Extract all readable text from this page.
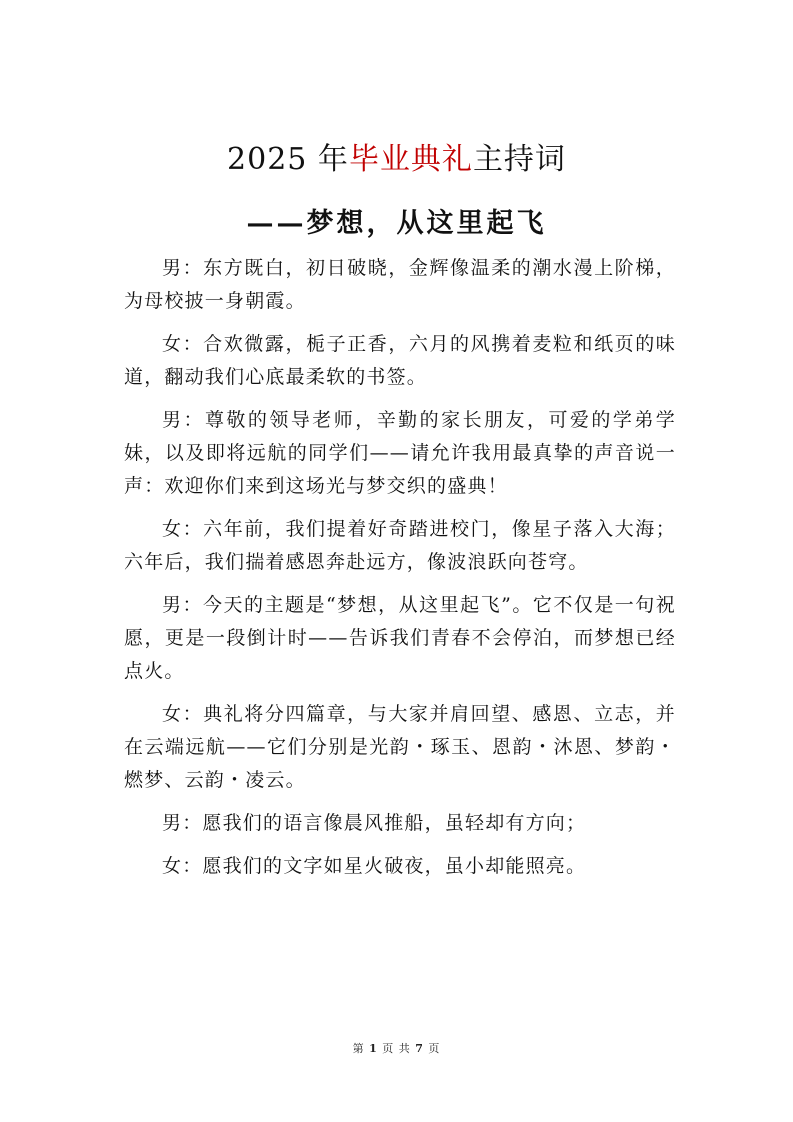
2025 年毕业典礼主持词
——梦想，从这里起飞

男：东方既白，初日破晓，金辉像温柔的潮水漫上阶梯，为母校披一身朝霞。

女：合欢微露，栀子正香，六月的风携着麦粒和纸页的味道，翻动我们心底最柔软的书签。

男：尊敬的领导老师，辛勤的家长朋友，可爱的学弟学妹，以及即将远航的同学们——请允许我用最真挚的声音说一声：欢迎你们来到这场光与梦交织的盛典！

女：六年前，我们提着好奇踏进校门，像星子落入大海；六年后，我们揣着感恩奔赴远方，像波浪跃向苍穹。

男：今天的主题是“梦想，从这里起飞”。它不仅是一句祝愿，更是一段倒计时——告诉我们青春不会停泊，而梦想已经点火。

女：典礼将分四篇章，与大家并肩回望、感恩、立志，并在云端远航——它们分别是光韵・琢玉、恩韵・沐恩、梦韵・燃梦、云韵・凌云。

男：愿我们的语言像晨风推船，虽轻却有方向；

女：愿我们的文字如星火破夜，虽小却能照亮。

第 1 页 共 7 页
